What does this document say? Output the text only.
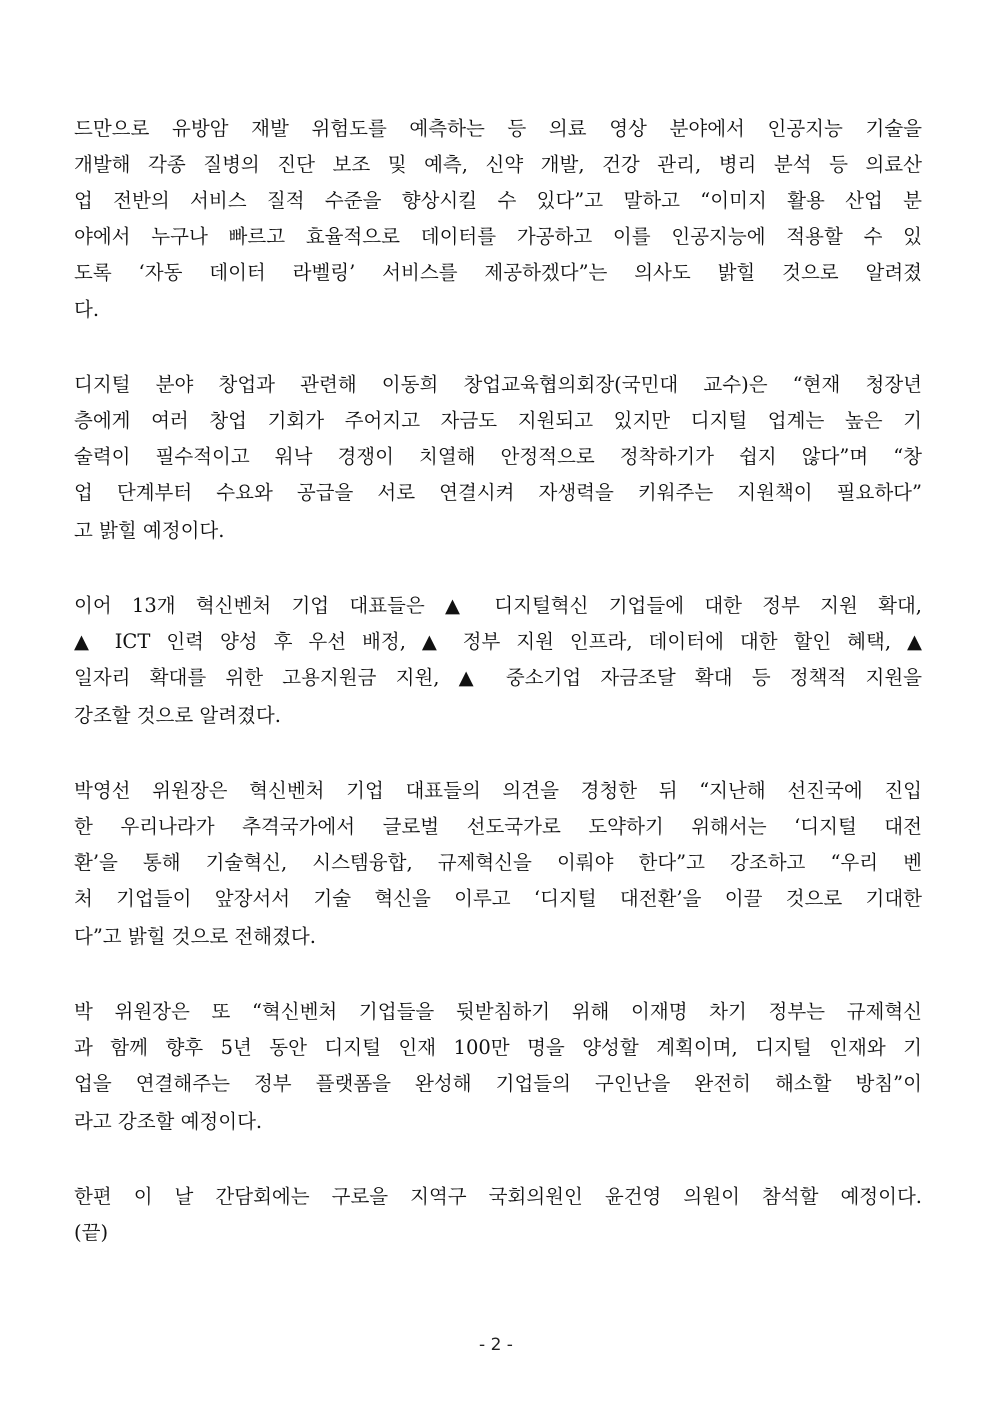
드만으로 유방암 재발 위험도를 예측하는 등 의료 영상 분야에서 인공지능 기술을
개발해 각종 질병의 진단 보조 및 예측, 신약 개발, 건강 관리, 병리 분석 등 의료산
업 전반의 서비스 질적 수준을 향상시킬 수 있다”고 말하고 “이미지 활용 산업 분
야에서 누구나 빠르고 효율적으로 데이터를 가공하고 이를 인공지능에 적용할 수 있
도록 ‘자동 데이터 라벨링’ 서비스를 제공하겠다”는 의사도 밝힐 것으로 알려졌
다.
디지털 분야 창업과 관련해 이동희 창업교육협의회장(국민대 교수)은 “현재 청장년
층에게 여러 창업 기회가 주어지고 자금도 지원되고 있지만 디지털 업계는 높은 기
술력이 필수적이고 워낙 경쟁이 치열해 안정적으로 정착하기가 쉽지 않다”며 “창
업 단계부터 수요와 공급을 서로 연결시켜 자생력을 키워주는 지원책이 필요하다”
고 밝힐 예정이다.
이어 13개 혁신벤처 기업 대표들은 ▲ 디지털혁신 기업들에 대한 정부 지원 확대,
▲ ICT 인력 양성 후 우선 배정, ▲ 정부 지원 인프라, 데이터에 대한 할인 혜택, ▲
일자리 확대를 위한 고용지원금 지원, ▲ 중소기업 자금조달 확대 등 정책적 지원을
강조할 것으로 알려졌다.
박영선 위원장은 혁신벤처 기업 대표들의 의견을 경청한 뒤 “지난해 선진국에 진입
한 우리나라가 추격국가에서 글로벌 선도국가로 도약하기 위해서는 ‘디지털 대전
환’을 통해 기술혁신, 시스템융합, 규제혁신을 이뤄야 한다”고 강조하고 “우리 벤
처 기업들이 앞장서서 기술 혁신을 이루고 ‘디지털 대전환’을 이끌 것으로 기대한
다”고 밝힐 것으로 전해졌다.
박 위원장은 또 “혁신벤처 기업들을 뒷받침하기 위해 이재명 차기 정부는 규제혁신
과 함께 향후 5년 동안 디지털 인재 100만 명을 양성할 계획이며, 디지털 인재와 기
업을 연결해주는 정부 플랫폼을 완성해 기업들의 구인난을 완전히 해소할 방침”이
라고 강조할 예정이다.
한편 이 날 간담회에는 구로을 지역구 국회의원인 윤건영 의원이 참석할 예정이다.
(끝)
- 2 -
